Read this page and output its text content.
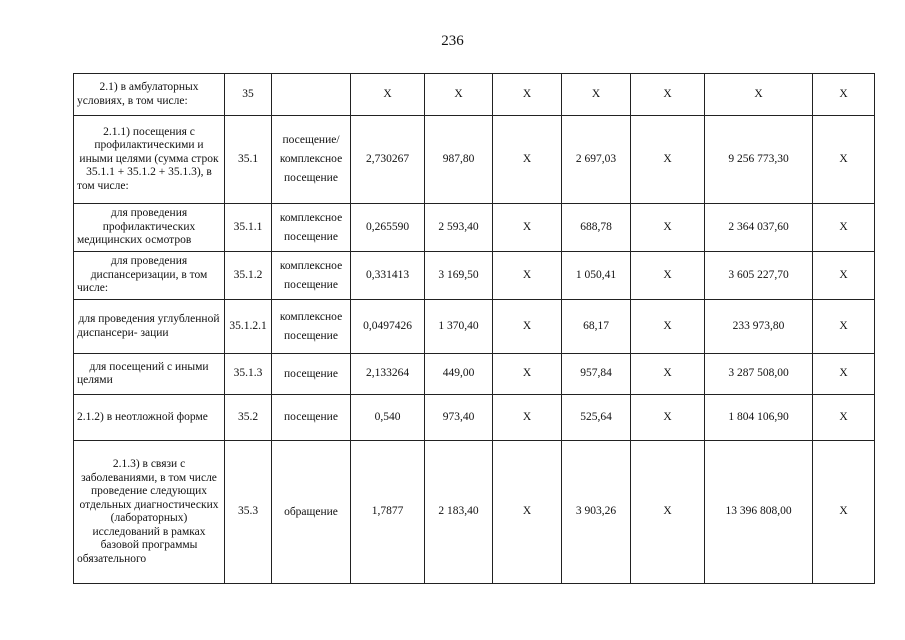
236
2.1) в амбулаторных условиях, в том числе:	35		X	X	X	X	X	X	X
2.1.1) посещения с профилактическими и иными целями (сумма строк 35.1.1 + 35.1.2 + 35.1.3), в том числе:	35.1	посещение/ комплексное посещение	2,730267	987,80	X	2 697,03	X	9 256 773,30	X
для проведения профилактических медицинских осмотров	35.1.1	комплексное посещение	0,265590	2 593,40	X	688,78	X	2 364 037,60	X
для проведения диспансеризации, в том числе:	35.1.2	комплексное посещение	0,331413	3 169,50	X	1 050,41	X	3 605 227,70	X
для проведения углубленной диспансери- зации	35.1.2.1	комплексное посещение	0,0497426	1 370,40	X	68,17	X	233 973,80	X
для посещений с иными целями	35.1.3	посещение	2,133264	449,00	X	957,84	X	3 287 508,00	X
2.1.2) в неотложной форме	35.2	посещение	0,540	973,40	X	525,64	X	1 804 106,90	X
2.1.3) в связи с заболеваниями, в том числе проведение следующих отдельных диагностических (лабораторных) исследований в рамках базовой программы обязательного	35.3	обращение	1,7877	2 183,40	X	3 903,26	X	13 396 808,00	X
